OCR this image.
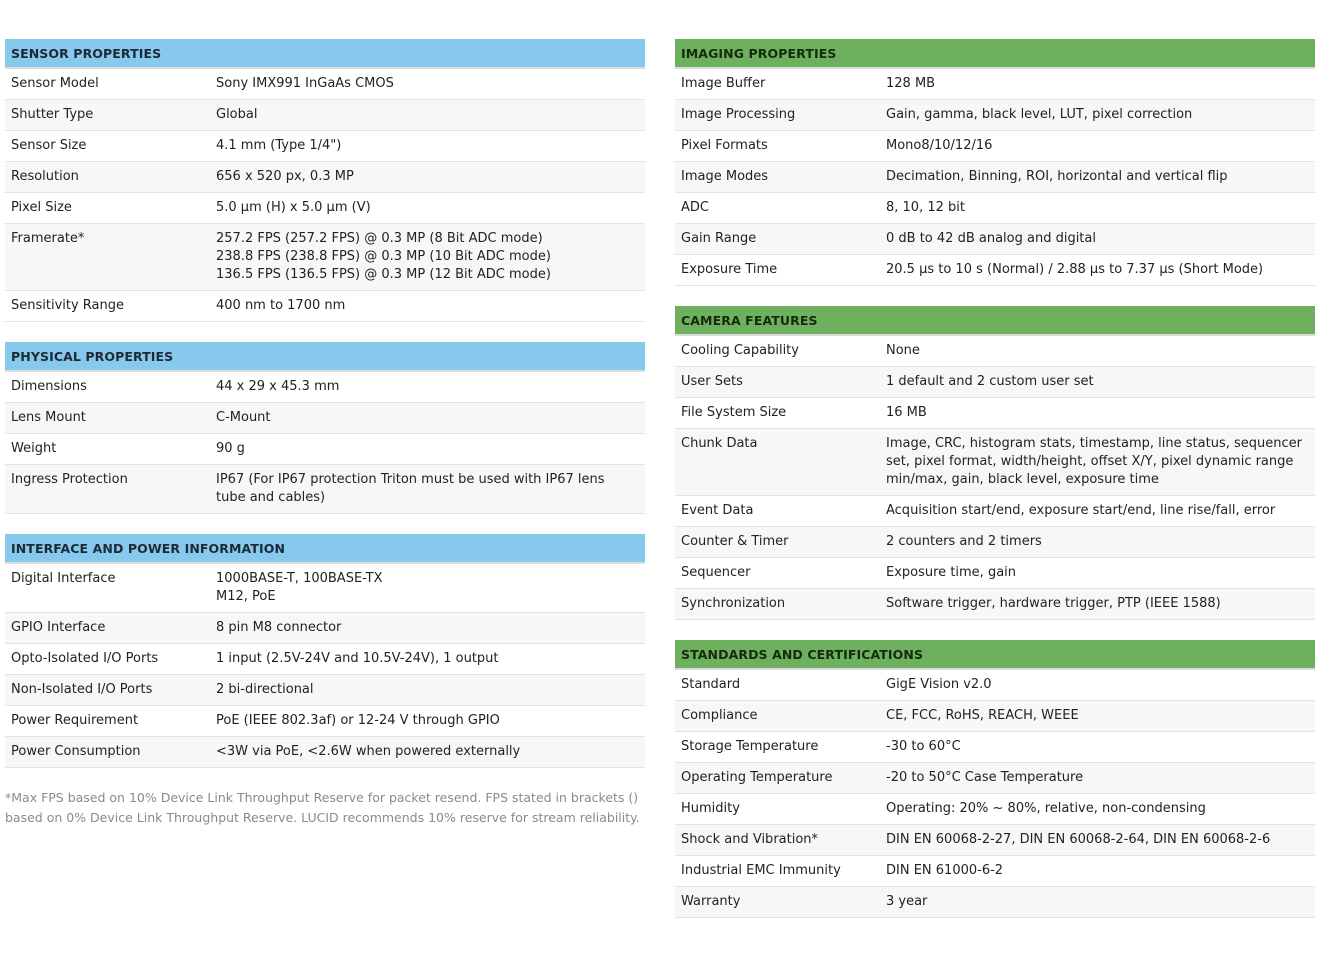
SENSOR PROPERTIES
Sensor Model	Sony IMX991 InGaAs CMOS
Shutter Type	Global
Sensor Size	4.1 mm (Type 1/4")
Resolution	656 x 520 px, 0.3 MP
Pixel Size	5.0 µm (H) x 5.0 µm (V)
Framerate*	257.2 FPS (257.2 FPS) @ 0.3 MP (8 Bit ADC mode)
238.8 FPS (238.8 FPS) @ 0.3 MP (10 Bit ADC mode)
136.5 FPS (136.5 FPS) @ 0.3 MP (12 Bit ADC mode)
Sensitivity Range	400 nm to 1700 nm
PHYSICAL PROPERTIES
Dimensions	44 x 29 x 45.3 mm
Lens Mount	C-Mount
Weight	90 g
Ingress Protection	IP67 (For IP67 protection Triton must be used with IP67 lens tube and cables)
INTERFACE AND POWER INFORMATION
Digital Interface	1000BASE-T, 100BASE-TX
M12, PoE
GPIO Interface	8 pin M8 connector
Opto-Isolated I/O Ports	1 input (2.5V-24V and 10.5V-24V), 1 output
Non-Isolated I/O Ports	2 bi-directional
Power Requirement	PoE (IEEE 802.3af) or 12-24 V through GPIO
Power Consumption	<3W via PoE, <2.6W when powered externally

*Max FPS based on 10% Device Link Throughput Reserve for packet resend. FPS stated in brackets () based on 0% Device Link Throughput Reserve. LUCID recommends 10% reserve for stream reliability.

IMAGING PROPERTIES
Image Buffer	128 MB
Image Processing	Gain, gamma, black level, LUT, pixel correction
Pixel Formats	Mono8/10/12/16
Image Modes	Decimation, Binning, ROI, horizontal and vertical flip
ADC	8, 10, 12 bit
Gain Range	0 dB to 42 dB analog and digital
Exposure Time	20.5 µs to 10 s (Normal) / 2.88 µs to 7.37 µs (Short Mode)
CAMERA FEATURES
Cooling Capability	None
User Sets	1 default and 2 custom user set
File System Size	16 MB
Chunk Data	Image, CRC, histogram stats, timestamp, line status, sequencer set, pixel format, width/height, offset X/Y, pixel dynamic range min/max, gain, black level, exposure time
Event Data	Acquisition start/end, exposure start/end, line rise/fall, error
Counter & Timer	2 counters and 2 timers
Sequencer	Exposure time, gain
Synchronization	Software trigger, hardware trigger, PTP (IEEE 1588)
STANDARDS AND CERTIFICATIONS
Standard	GigE Vision v2.0
Compliance	CE, FCC, RoHS, REACH, WEEE
Storage Temperature	-30 to 60°C
Operating Temperature	-20 to 50°C Case Temperature
Humidity	Operating: 20% ~ 80%, relative, non-condensing
Shock and Vibration*	DIN EN 60068-2-27, DIN EN 60068-2-64, DIN EN 60068-2-6
Industrial EMC Immunity	DIN EN 61000-6-2
Warranty	3 year
